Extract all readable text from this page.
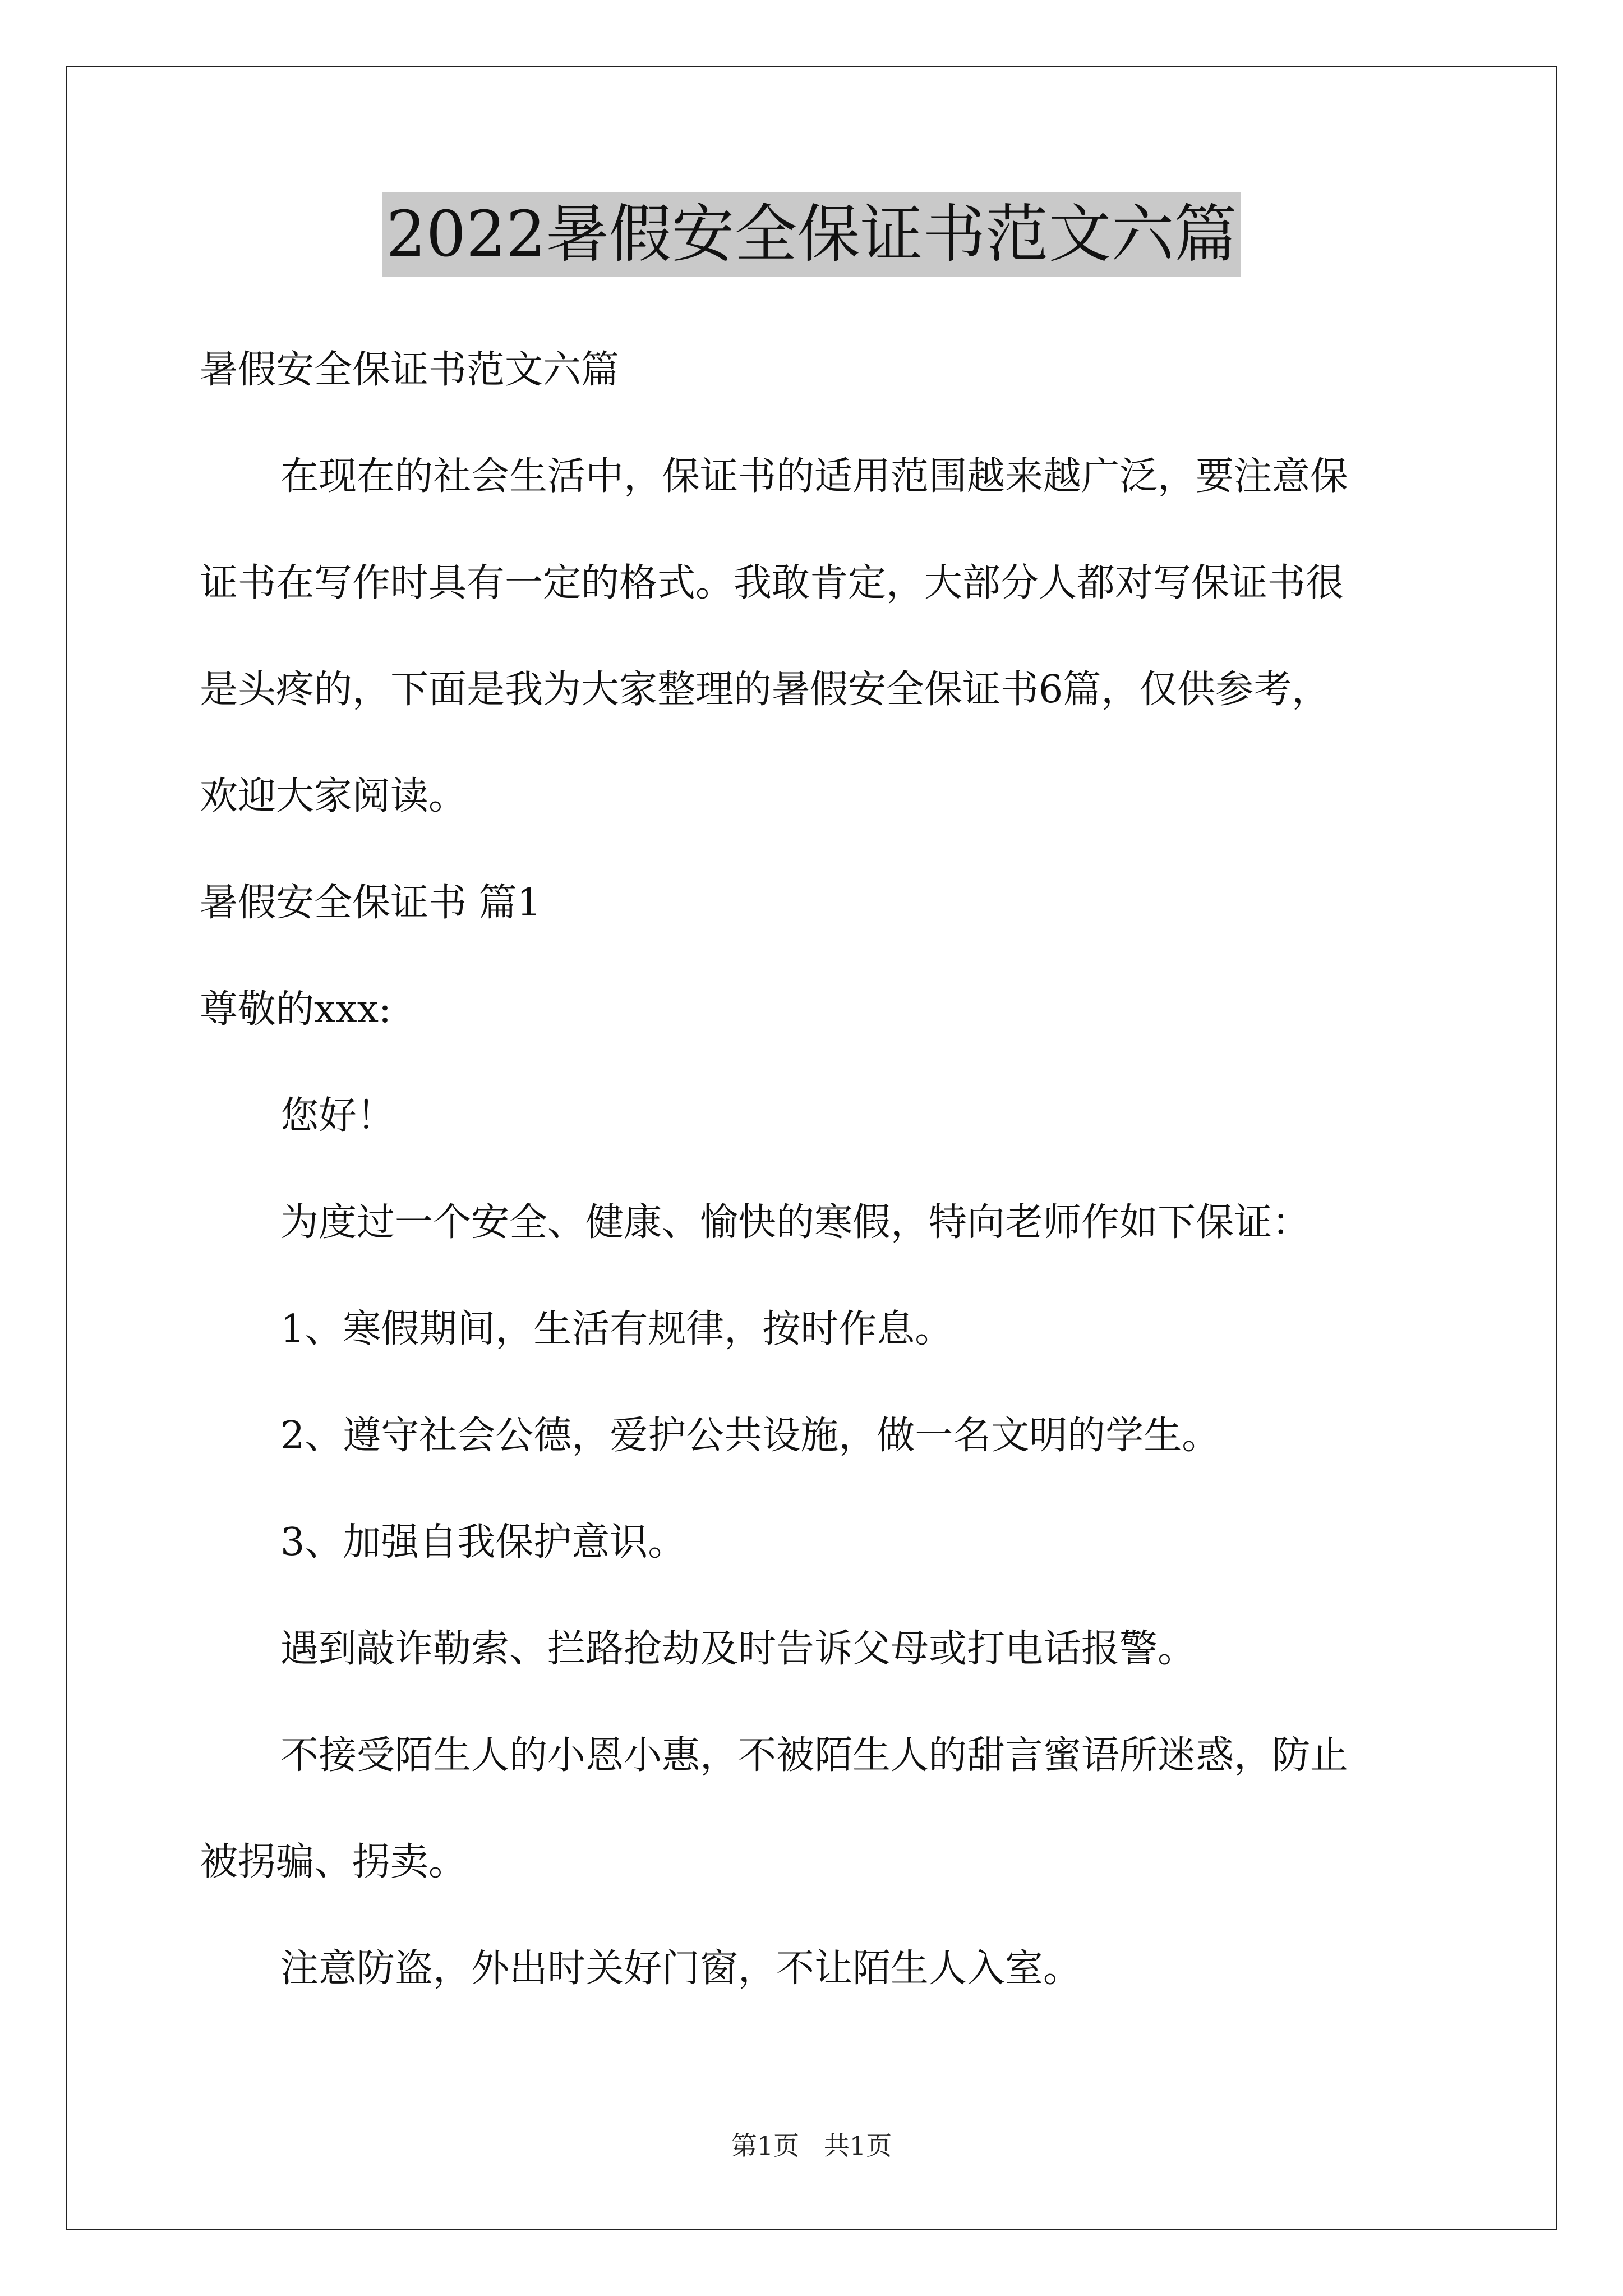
2022暑假安全保证书范文六篇

暑假安全保证书范文六篇

在现在的社会生活中，保证书的适用范围越来越广泛，要注意保

证书在写作时具有一定的格式。我敢肯定，大部分人都对写保证书很

是头疼的，下面是我为大家整理的暑假安全保证书6篇，仅供参考，

欢迎大家阅读。

暑假安全保证书 篇1

尊敬的xxx:

您好！

为度过一个安全、健康、愉快的寒假，特向老师作如下保证：

1、寒假期间，生活有规律，按时作息。

2、遵守社会公德，爱护公共设施，做一名文明的学生。

3、加强自我保护意识。

遇到敲诈勒索、拦路抢劫及时告诉父母或打电话报警。

不接受陌生人的小恩小惠，不被陌生人的甜言蜜语所迷惑，防止

被拐骗、拐卖。

注意防盗，外出时关好门窗，不让陌生人入室。

第1页   共1页
